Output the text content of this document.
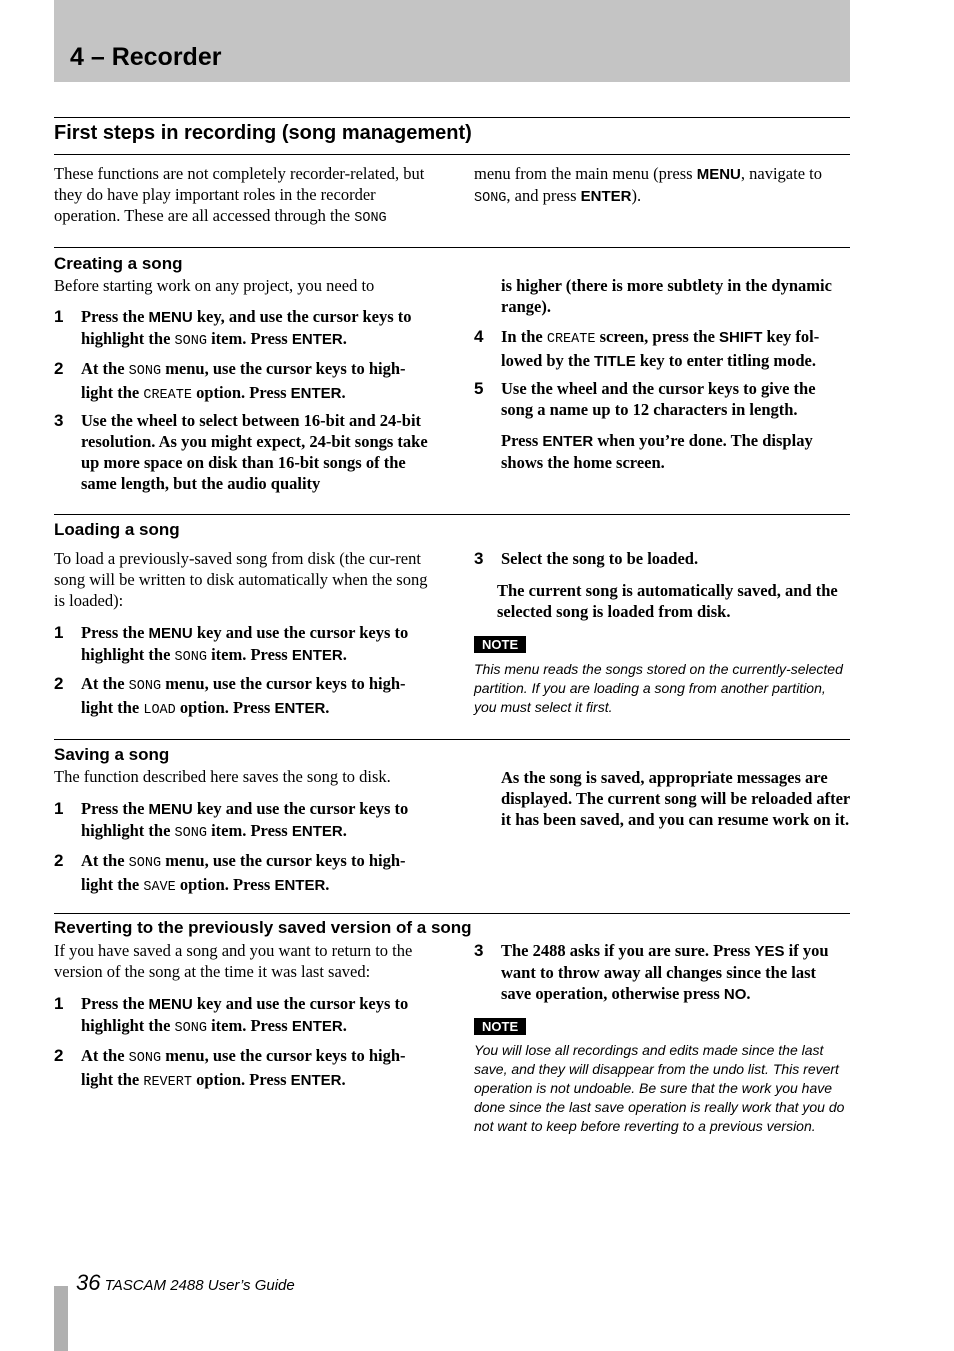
4 – Recorder
First steps in recording (song management)

These functions are not completely recorder-related, but they do have play important roles in the recorder operation. These are all accessed through the SONG

menu from the main menu (press MENU, navigate to SONG, and press ENTER).

Creating a song
Before starting work on any project, you need to
1 Press the MENU key, and use the cursor keys to highlight the SONG item. Press ENTER.
2 At the SONG menu, use the cursor keys to high-light the CREATE option. Press ENTER.
3 Use the wheel to select between 16-bit and 24-bit resolution. As you might expect, 24-bit songs take up more space on disk than 16-bit songs of the same length, but the audio quality
is higher (there is more subtlety in the dynamic range).
4 In the CREATE screen, press the SHIFT key fol-lowed by the TITLE key to enter titling mode.
5 Use the wheel and the cursor keys to give the song a name up to 12 characters in length.
Press ENTER when you’re done. The display shows the home screen.
Loading a song
To load a previously-saved song from disk (the cur-rent song will be written to disk automatically when the song is loaded):
1 Press the MENU key and use the cursor keys to highlight the SONG item. Press ENTER.
2 At the SONG menu, use the cursor keys to high-light the LOAD option. Press ENTER.
3 Select the song to be loaded.
The current song is automatically saved, and the selected song is loaded from disk.
NOTE
This menu reads the songs stored on the currently-selected partition. If you are loading a song from another partition, you must select it first.
Saving a song
The function described here saves the song to disk.
1 Press the MENU key and use the cursor keys to highlight the SONG item. Press ENTER.
2 At the SONG menu, use the cursor keys to high-light the SAVE option. Press ENTER.
As the song is saved, appropriate messages are displayed. The current song will be reloaded after it has been saved, and you can resume work on it.
Reverting to the previously saved version of a song
If you have saved a song and you want to return to the version of the song at the time it was last saved:
1 Press the MENU key and use the cursor keys to highlight the SONG item. Press ENTER.
2 At the SONG menu, use the cursor keys to high-light the REVERT option. Press ENTER.
3 The 2488 asks if you are sure. Press YES if you want to throw away all changes since the last save operation, otherwise press NO.
NOTE
You will lose all recordings and edits made since the last save, and they will disappear from the undo list. This revert operation is not undoable. Be sure that the work you have done since the last save operation is really work that you do not want to keep before reverting to a previous version.
36 TASCAM 2488 User’s Guide
